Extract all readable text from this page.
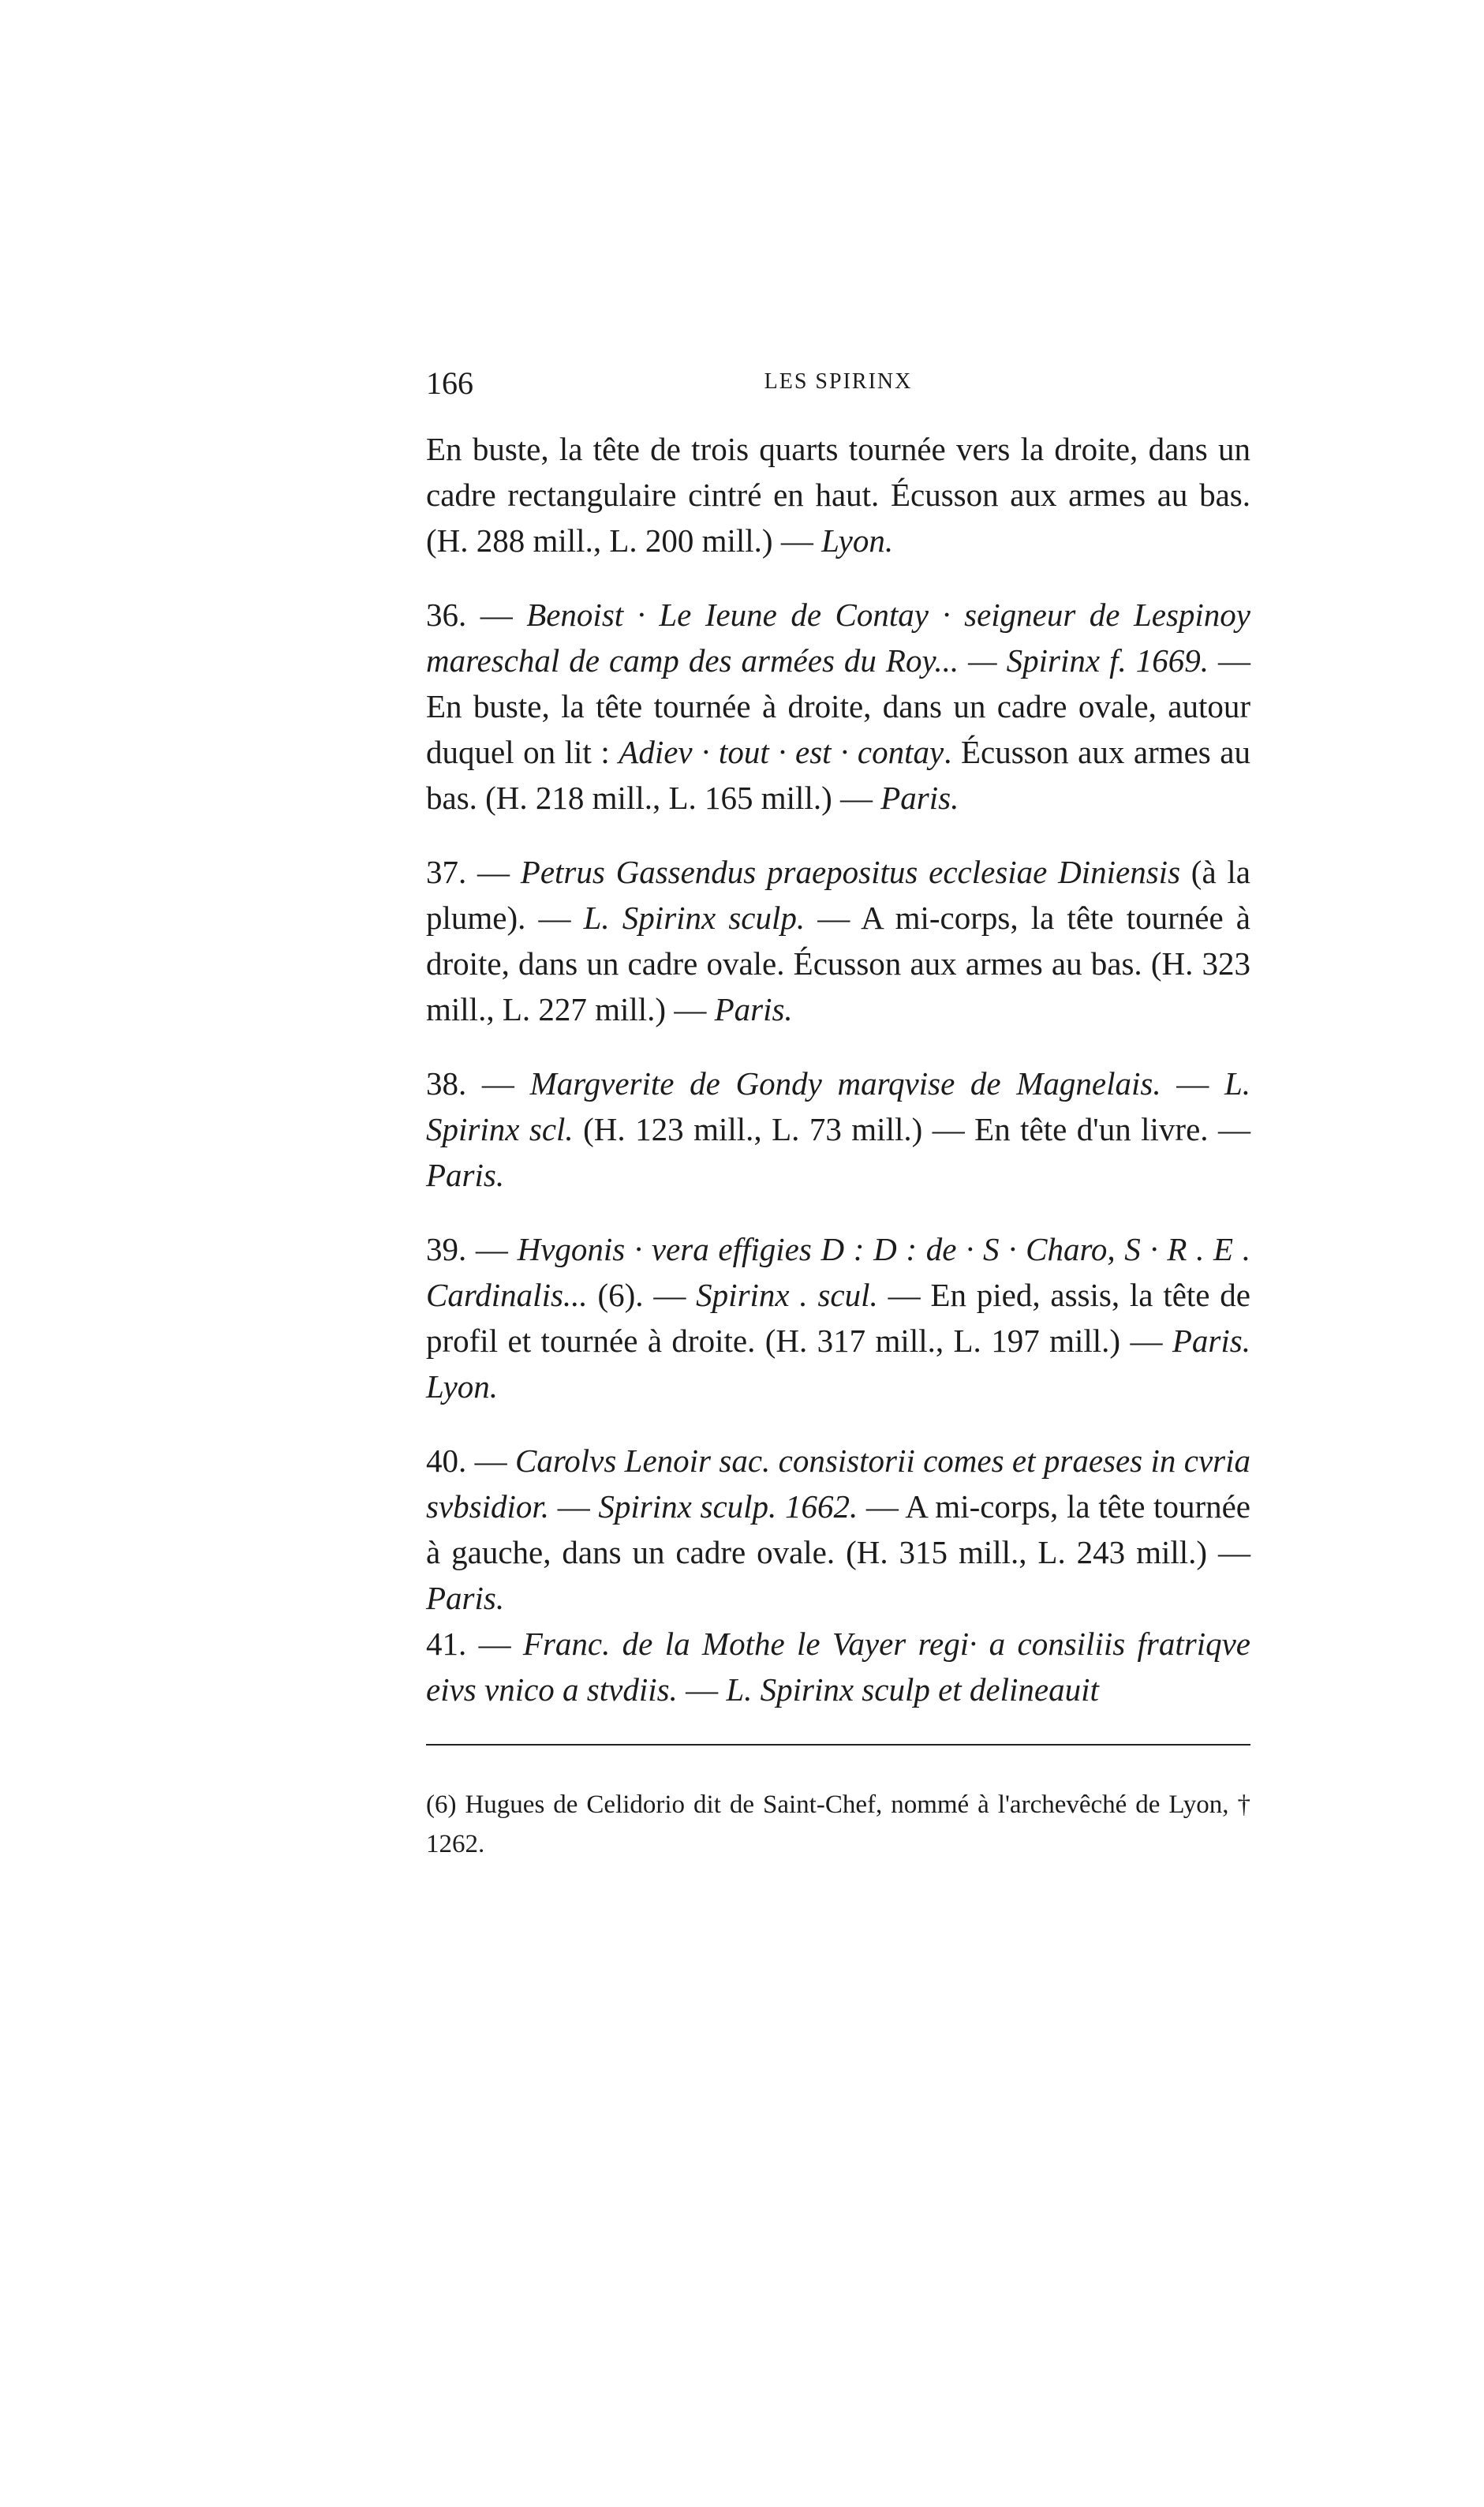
166	LES SPIRINX

En buste, la tête de trois quarts tournée vers la droite, dans un cadre rectangulaire cintré en haut. Écusson aux armes au bas. (H. 288 mill., L. 200 mill.) — Lyon.

36. — Benoist · Le Ieune de Contay · seigneur de Lespinoy mareschal de camp des armées du Roy... — Spirinx f. 1669. — En buste, la tête tournée à droite, dans un cadre ovale, autour duquel on lit : Adiev · tout · est · contay. Écusson aux armes au bas. (H. 218 mill., L. 165 mill.) — Paris.

37. — Petrus Gassendus praepositus ecclesiae Diniensis (à la plume). — L. Spirinx sculp. — A mi-corps, la tête tournée à droite, dans un cadre ovale. Écusson aux armes au bas. (H. 323 mill., L. 227 mill.) — Paris.

38. — Margverite de Gondy marqvise de Magnelais. — L. Spirinx scl. (H. 123 mill., L. 73 mill.) — En tête d'un livre. — Paris.

39. — Hvgonis · vera effigies D : D : de · S · Charo, S · R . E . Cardinalis... (6). — Spirinx . scul. — En pied, assis, la tête de profil et tournée à droite. (H. 317 mill., L. 197 mill.) — Paris. Lyon.

40. — Carolvs Lenoir sac. consistorii comes et praeses in cvria svbsidior. — Spirinx sculp. 1662. — A mi-corps, la tête tournée à gauche, dans un cadre ovale. (H. 315 mill., L. 243 mill.) — Paris.

41. — Franc. de la Mothe le Vayer regi· a consiliis fratriqve eivs vnico a stvdiis. — L. Spirinx sculp et delineauit

(6) Hugues de Celidorio dit de Saint-Chef, nommé à l'archevêché de Lyon, † 1262.
